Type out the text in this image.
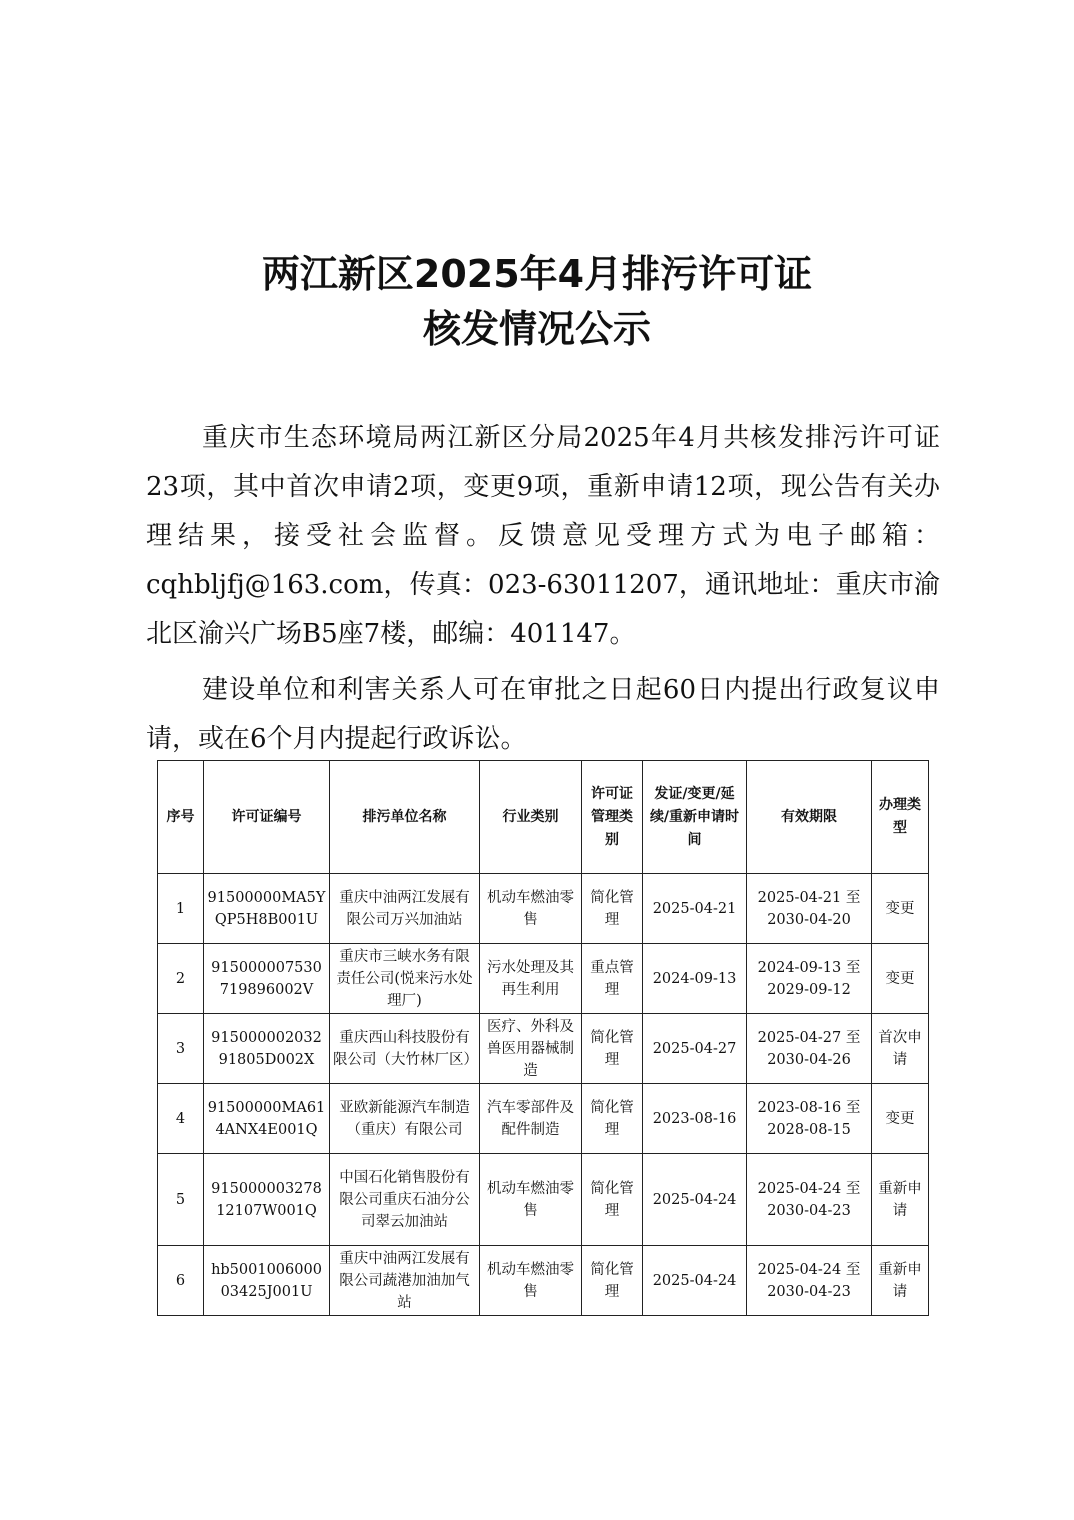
两江新区2025年4月排污许可证
核发情况公示

重庆市生态环境局两江新区分局2025年4月共核发排污许可证23项，其中首次申请2项，变更9项，重新申请12项，现公告有关办理结果，接受社会监督。反馈意见受理方式为电子邮箱：cqhbljfj@163.com，传真：023-63011207，通讯地址：重庆市渝北区渝兴广场B5座7楼，邮编：401147。

建设单位和利害关系人可在审批之日起60日内提出行政复议申请，或在6个月内提起行政诉讼。

序号	许可证编号	排污单位名称	行业类别	许可证管理类别	发证/变更/延续/重新申请时间	有效期限	办理类型
1	91500000MA5YQP5H8B001U	重庆中油两江发展有限公司万兴加油站	机动车燃油零售	简化管理	2025-04-21	2025-04-21 至 2030-04-20	变更
2	915000007530719896002V	重庆市三峡水务有限责任公司(悦来污水处理厂)	污水处理及其再生利用	重点管理	2024-09-13	2024-09-13 至 2029-09-12	变更
3	91500000203291805D002X	重庆西山科技股份有限公司（大竹林厂区）	医疗、外科及兽医用器械制造	简化管理	2025-04-27	2025-04-27 至 2030-04-26	首次申请
4	91500000MA614ANX4E001Q	亚欧新能源汽车制造（重庆）有限公司	汽车零部件及配件制造	简化管理	2023-08-16	2023-08-16 至 2028-08-15	变更
5	91500000327812107W001Q	中国石化销售股份有限公司重庆石油分公司翠云加油站	机动车燃油零售	简化管理	2025-04-24	2025-04-24 至 2030-04-23	重新申请
6	hb500100600003425J001U	重庆中油两江发展有限公司蔬港加油加气站	机动车燃油零售	简化管理	2025-04-24	2025-04-24 至 2030-04-23	重新申请
